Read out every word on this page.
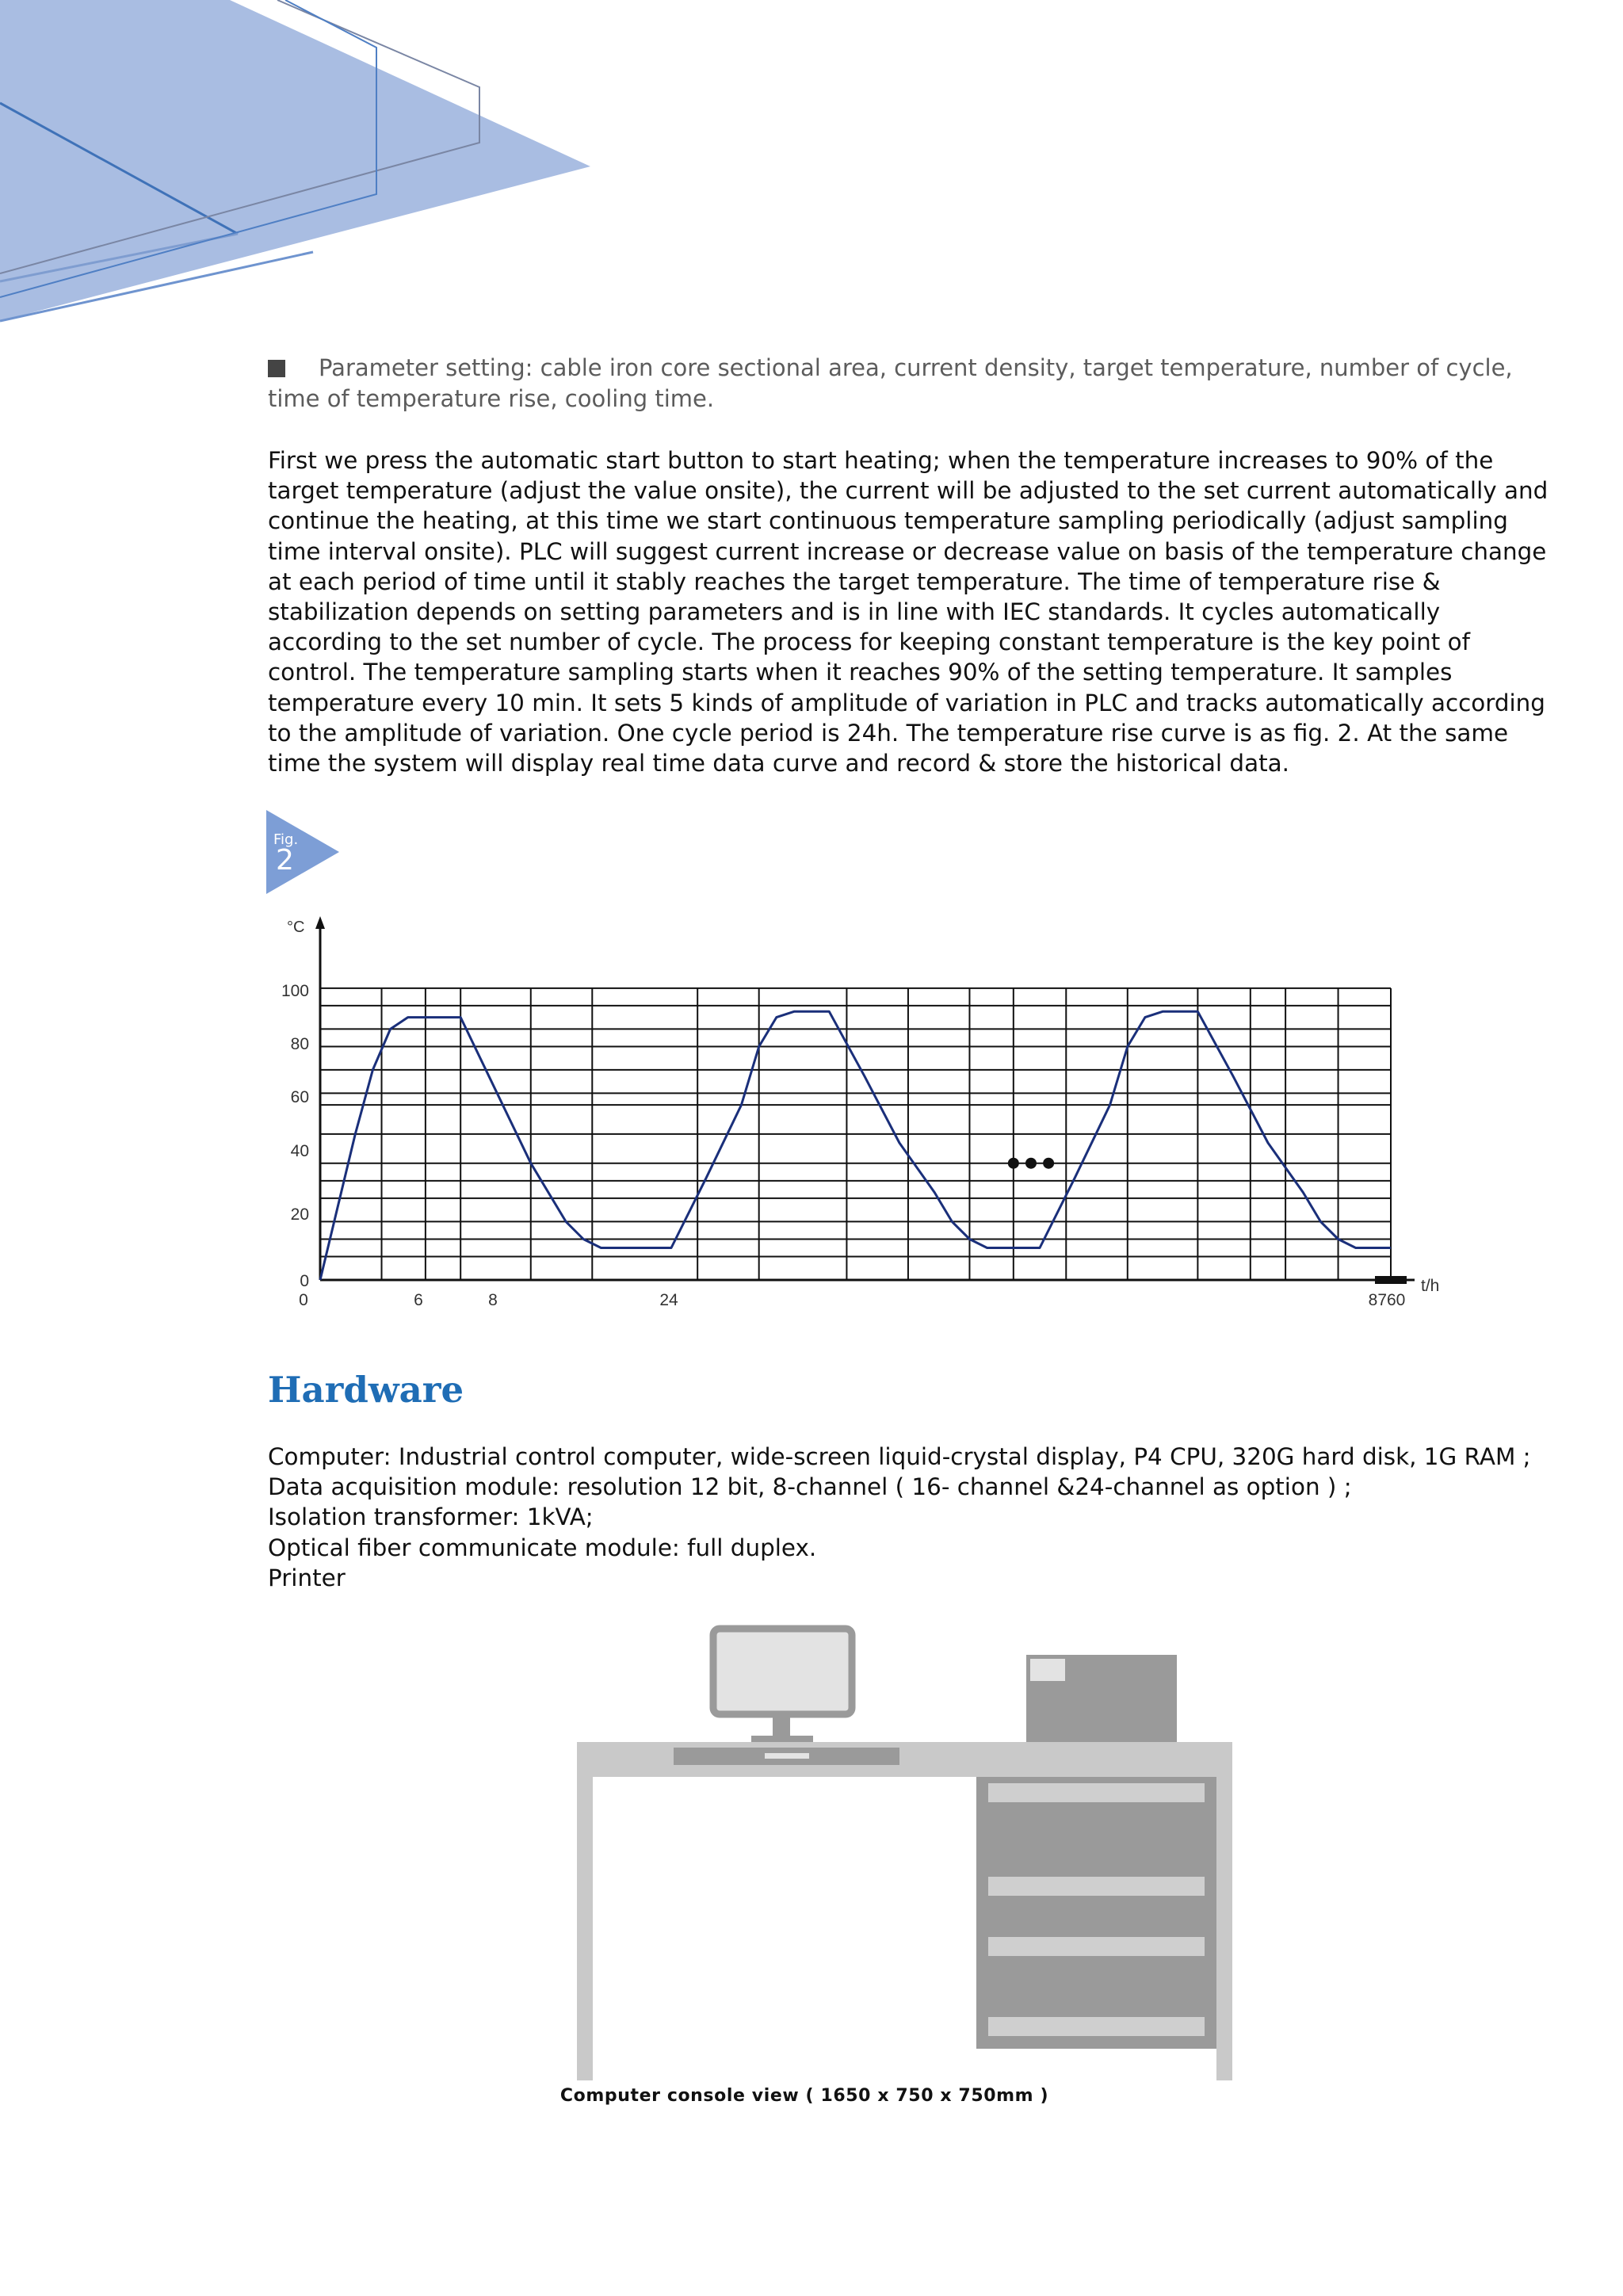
Parameter setting: cable iron core sectional area, current density, target temperature, number of cycle, time of temperature rise, cooling time.
First we press the automatic start button to start heating; when the temperature increases to 90% of the target temperature (adjust the value onsite), the current will be adjusted to the set current automatically and continue the heating, at this time we start continuous temperature sampling periodically (adjust sampling time interval onsite). PLC will suggest current increase or decrease value on basis of the temperature change at each period of time until it stably reaches the target temperature. The time of temperature rise & stabilization depends on setting parameters and is in line with IEC standards. It cycles automatically according to the set number of cycle. The process for keeping constant temperature is the key point of control. The temperature sampling starts when it reaches 90% of the setting temperature. It samples temperature every 10 min. It sets 5 kinds of amplitude of variation in PLC and tracks automatically according to the amplitude of variation. One cycle period is 24h. The temperature rise curve is as fig. 2. At the same time the system will display real time data curve and record & store the historical data.
Fig.
2
0
20
40
60
80
100
°C
0	6	8	24	8760
t/h
Hardware
Computer: Industrial control computer, wide-screen liquid-crystal display, P4 CPU, 320G hard disk, 1G RAM ;
Data acquisition module: resolution 12 bit, 8-channel ( 16- channel &24-channel as option ) ;
Isolation transformer: 1kVA;
Optical fiber communicate module: full duplex.
Printer
Computer console view ( 1650 x 750 x 750mm )
